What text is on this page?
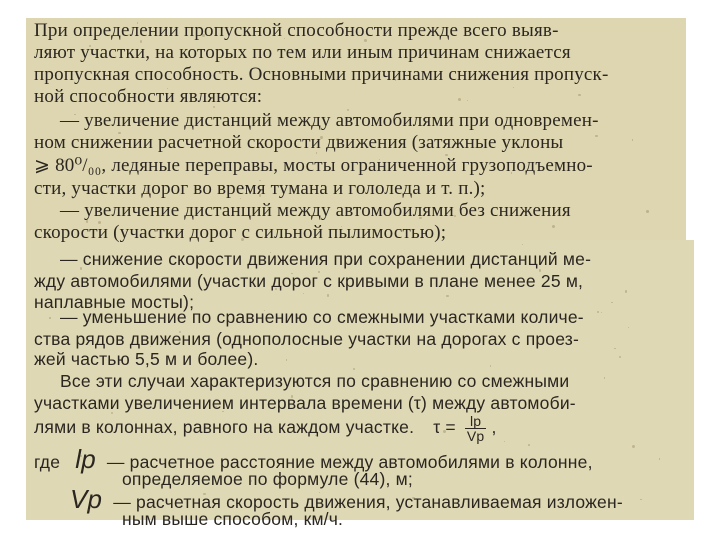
При определении пропускной способности прежде всего выяв-
ляют участки, на которых по тем или иным причинам снижается
пропускная способность. Основными причинами снижения пропуск-
ной способности являются:
— увеличение дистанций между автомобилями при одновремен-
ном снижении расчетной скорости движения (затяжные уклоны
⩾ 80⁰/₀₀, ледяные переправы, мосты ограниченной грузоподъемно-
сти, участки дорог во время тумана и гололеда и т. п.);
— увеличение дистанций между автомобилями без снижения
скорости (участки дорог с сильной пылимостью);
— снижение скорости движения при сохранении дистанций ме-
жду автомобилями (участки дорог с кривыми в плане менее 25 м,
наплавные мосты);
— уменьшение по сравнению со смежными участками количе-
ства рядов движения (однополосные участки на дорогах с проез-
жей частью 5,5 м и более).
Все эти случаи характеризуются по сравнению со смежными
участками увеличением интервала времени (τ) между автомоби-
лями в колоннах, равного на каждом участке. $\tau = \frac{lр}{Vр}$ ,
где lр — расчетное расстояние между автомобилями в колонне,
определяемое по формуле (44), м;
Vр — расчетная скорость движения, устанавливаемая изложен-
ным выше способом, км/ч.
